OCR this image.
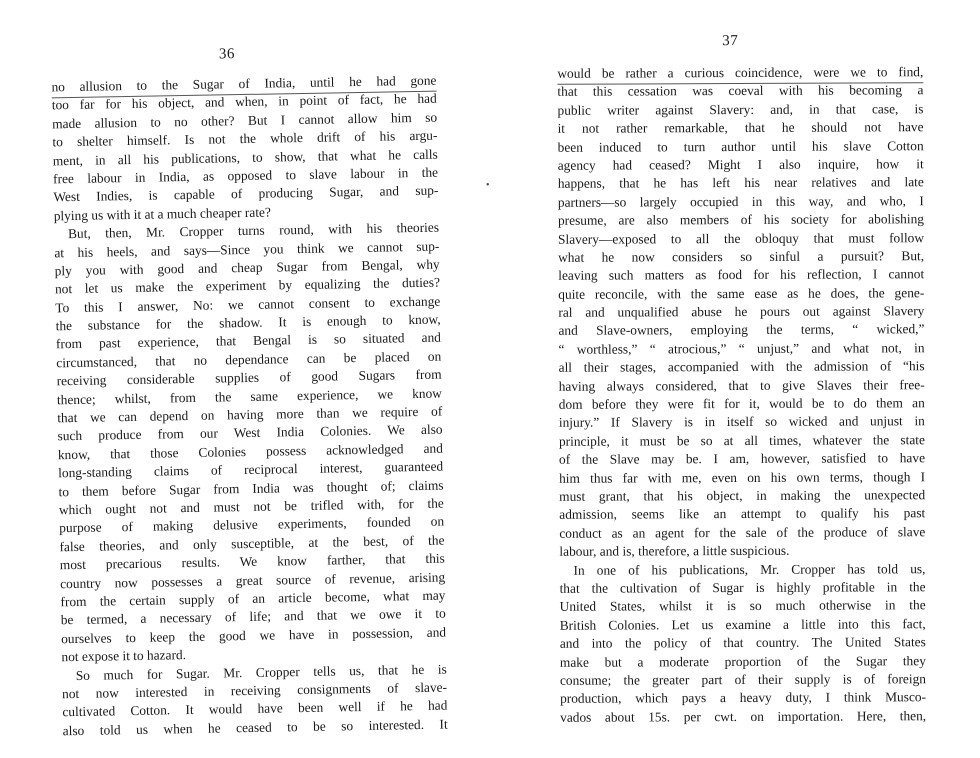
36
no allusion to the Sugar of India, until he had gone
too far for his object, and when, in point of fact, he had
made allusion to no other? But I cannot allow him so
to shelter himself. Is not the whole drift of his argu-
ment, in all his publications, to show, that what he calls
free labour in India, as opposed to slave labour in the
West Indies, is capable of producing Sugar, and sup-
plying us with it at a much cheaper rate?
But, then, Mr. Cropper turns round, with his theories
at his heels, and says—Since you think we cannot sup-
ply you with good and cheap Sugar from Bengal, why
not let us make the experiment by equalizing the duties?
To this I answer, No: we cannot consent to exchange
the substance for the shadow. It is enough to know,
from past experience, that Bengal is so situated and
circumstanced, that no dependance can be placed on
receiving considerable supplies of good Sugars from
thence; whilst, from the same experience, we know
that we can depend on having more than we require of
such produce from our West India Colonies. We also
know, that those Colonies possess acknowledged and
long-standing claims of reciprocal interest, guaranteed
to them before Sugar from India was thought of; claims
which ought not and must not be trifled with, for the
purpose of making delusive experiments, founded on
false theories, and only susceptible, at the best, of the
most precarious results. We know farther, that this
country now possesses a great source of revenue, arising
from the certain supply of an article become, what may
be termed, a necessary of life; and that we owe it to
ourselves to keep the good we have in possession, and
not expose it to hazard.
So much for Sugar. Mr. Cropper tells us, that he is
not now interested in receiving consignments of slave-
cultivated Cotton. It would have been well if he had
also told us when he ceased to be so interested. It
•
37
would be rather a curious coincidence, were we to find,
that this cessation was coeval with his becoming a
public writer against Slavery: and, in that case, is
it not rather remarkable, that he should not have
been induced to turn author until his slave Cotton
agency had ceased? Might I also inquire, how it
happens, that he has left his near relatives and late
partners—so largely occupied in this way, and who, I
presume, are also members of his society for abolishing
Slavery—exposed to all the obloquy that must follow
what he now considers so sinful a pursuit? But,
leaving such matters as food for his reflection, I cannot
quite reconcile, with the same ease as he does, the gene-
ral and unqualified abuse he pours out against Slavery
and Slave-owners, employing the terms, “ wicked,”
“ worthless,” “ atrocious,” “ unjust,” and what not, in
all their stages, accompanied with the admission of “his
having always considered, that to give Slaves their free-
dom before they were fit for it, would be to do them an
injury.” If Slavery is in itself so wicked and unjust in
principle, it must be so at all times, whatever the state
of the Slave may be. I am, however, satisfied to have
him thus far with me, even on his own terms, though I
must grant, that his object, in making the unexpected
admission, seems like an attempt to qualify his past
conduct as an agent for the sale of the produce of slave
labour, and is, therefore, a little suspicious.
In one of his publications, Mr. Cropper has told us,
that the cultivation of Sugar is highly profitable in the
United States, whilst it is so much otherwise in the
British Colonies. Let us examine a little into this fact,
and into the policy of that country. The United States
make but a moderate proportion of the Sugar they
consume; the greater part of their supply is of foreign
production, which pays a heavy duty, I think Musco-
vados about 15s. per cwt. on importation. Here, then,
